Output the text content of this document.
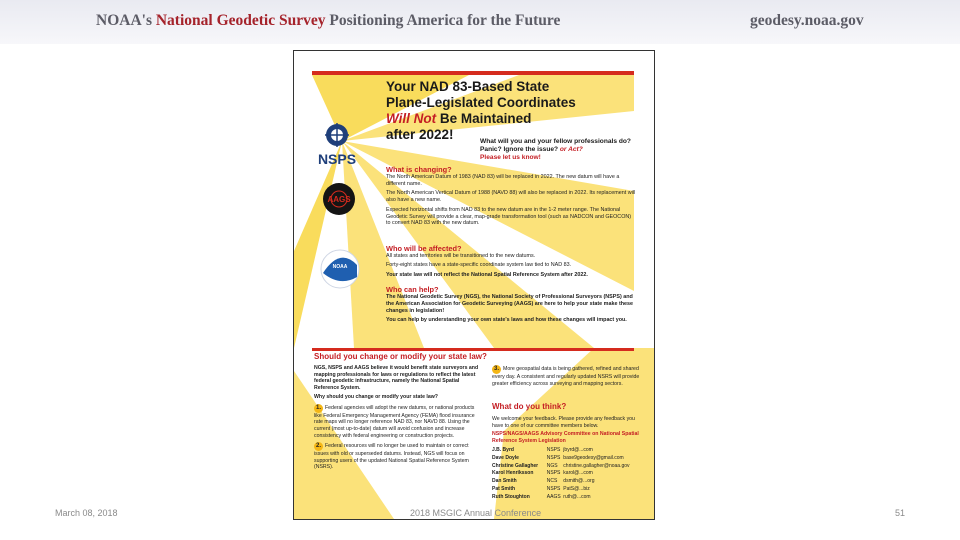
NOAA's National Geodetic Survey Positioning America for the Future	geodesy.noaa.gov
NSPS
AAGS
NOAA
Your NAD 83-Based State
Plane-Legislated Coordinates
Will Not Be Maintained
after 2022!	What will you and your fellow professionals do?
Panic? Ignore the issue? or Act?
Please let us know!
What is changing?

The North American Datum of 1983 (NAD 83) will be replaced in 2022. The new datum will have a different name.

The North American Vertical Datum of 1988 (NAVD 88) will also be replaced in 2022. Its replacement will also have a new name.

Expected horizontal shifts from NAD 83 to the new datum are in the 1-2 meter range. The National Geodetic Survey will provide a clear, map-grade transformation tool (such as NADCON and GEOCON) to convert NAD 83 with the new datum.

Who will be affected?

All states and territories will be transitioned to the new datums.

Forty-eight states have a state-specific coordinate system law tied to NAD 83.

Your state law will not reflect the National Spatial Reference System after 2022.

Who can help?

The National Geodetic Survey (NGS), the National Society of Professional Surveyors (NSPS) and the American Association for Geodetic Surveying (AAGS) are here to help your state make these changes in legislation!

You can help by understanding your own state's laws and how these changes will impact you.

Should you change or modify your state law?

NGS, NSPS and AAGS believe it would benefit state surveyors and mapping professionals for laws or regulations to reflect the latest federal geodetic infrastructure, namely the National Spatial Reference System.

Why should you change or modify your state law?

1. Federal agencies will adopt the new datums, or national products like Federal Emergency Management Agency (FEMA) flood insurance rate maps will no longer reference NAD 83, nor NAVD 88. Using the current (most up-to-date) datum will avoid confusion and increase consistency with federal engineering or construction projects.

2. Federal resources will no longer be used to maintain or correct issues with old or superseded datums. Instead, NGS will focus on supporting users of the updated National Spatial Reference System (NSRS).

3. More geospatial data is being gathered, refined and shared every day. A consistent and regularly updated NSRS will provide greater efficiency across surveying and mapping sectors.

What do you think?

We welcome your feedback. Please provide any feedback you have to one of our committee members below.

NSPS/NAGS/AAGS Advisory Committee on National Spatial Reference System Legislation

J.B. Byrd	NSPS	jbyrd@...com
Dave Doyle	NSPS	base9geodesy@gmail.com
Christine Gallagher	NGS	christine.gallagher@noaa.gov
Karol Henriksson	NSPS	karol@...com
Dan Smith	NCS	dsmith@...org
Pat Smith	NSPS	PatS@...biz
Ruth Stoughton	AAGS	ruth@...com
March 08, 2018	2018 MSGIC Annual Conference	51
